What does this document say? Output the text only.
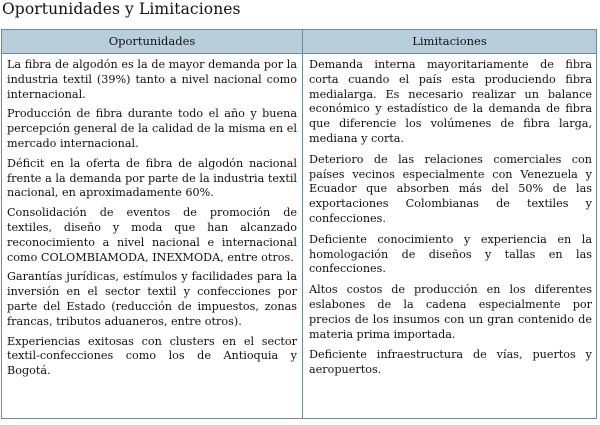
Oportunidades y Limitaciones
Oportunidades	Limitaciones

La fibra de algodón es la de mayor demanda por la industria textil (39%) tanto a nivel nacional como internacional.

Producción de fibra durante todo el año y buena percepción general de la calidad de la misma en el mercado internacional.

Déficit en la oferta de fibra de algodón nacional frente a la demanda por parte de la industria textil nacional, en aproximadamente 60%.

Consolidación de eventos de promoción de textiles, diseño y moda que han alcanzado reconocimiento a nivel nacional e internacional como COLOMBIAMODA, INEXMODA, entre otros.

Garantías jurídicas, estímulos y facilidades para la inversión en el sector textil y confecciones por parte del Estado (reducción de impuestos, zonas francas, tributos aduaneros, entre otros).

Experiencias exitosas con clusters en el sector textil-confecciones como los de Antioquia y Bogotá.

Demanda interna mayoritariamente de fibra corta cuando el país esta produciendo fibra medialarga. Es necesario realizar un balance económico y estadístico de la demanda de fibra que diferencie los volúmenes de fibra larga, mediana y corta.

Deterioro de las relaciones comerciales con países vecinos especialmente con Venezuela y Ecuador que absorben más del 50% de las exportaciones Colombianas de textiles y confecciones.

Deficiente conocimiento y experiencia en la homologación de diseños y tallas en las confecciones.

Altos costos de producción en los diferentes eslabones de la cadena especialmente por precios de los insumos con un gran contenido de materia prima importada.

Deficiente infraestructura de vías, puertos y aeropuertos.
